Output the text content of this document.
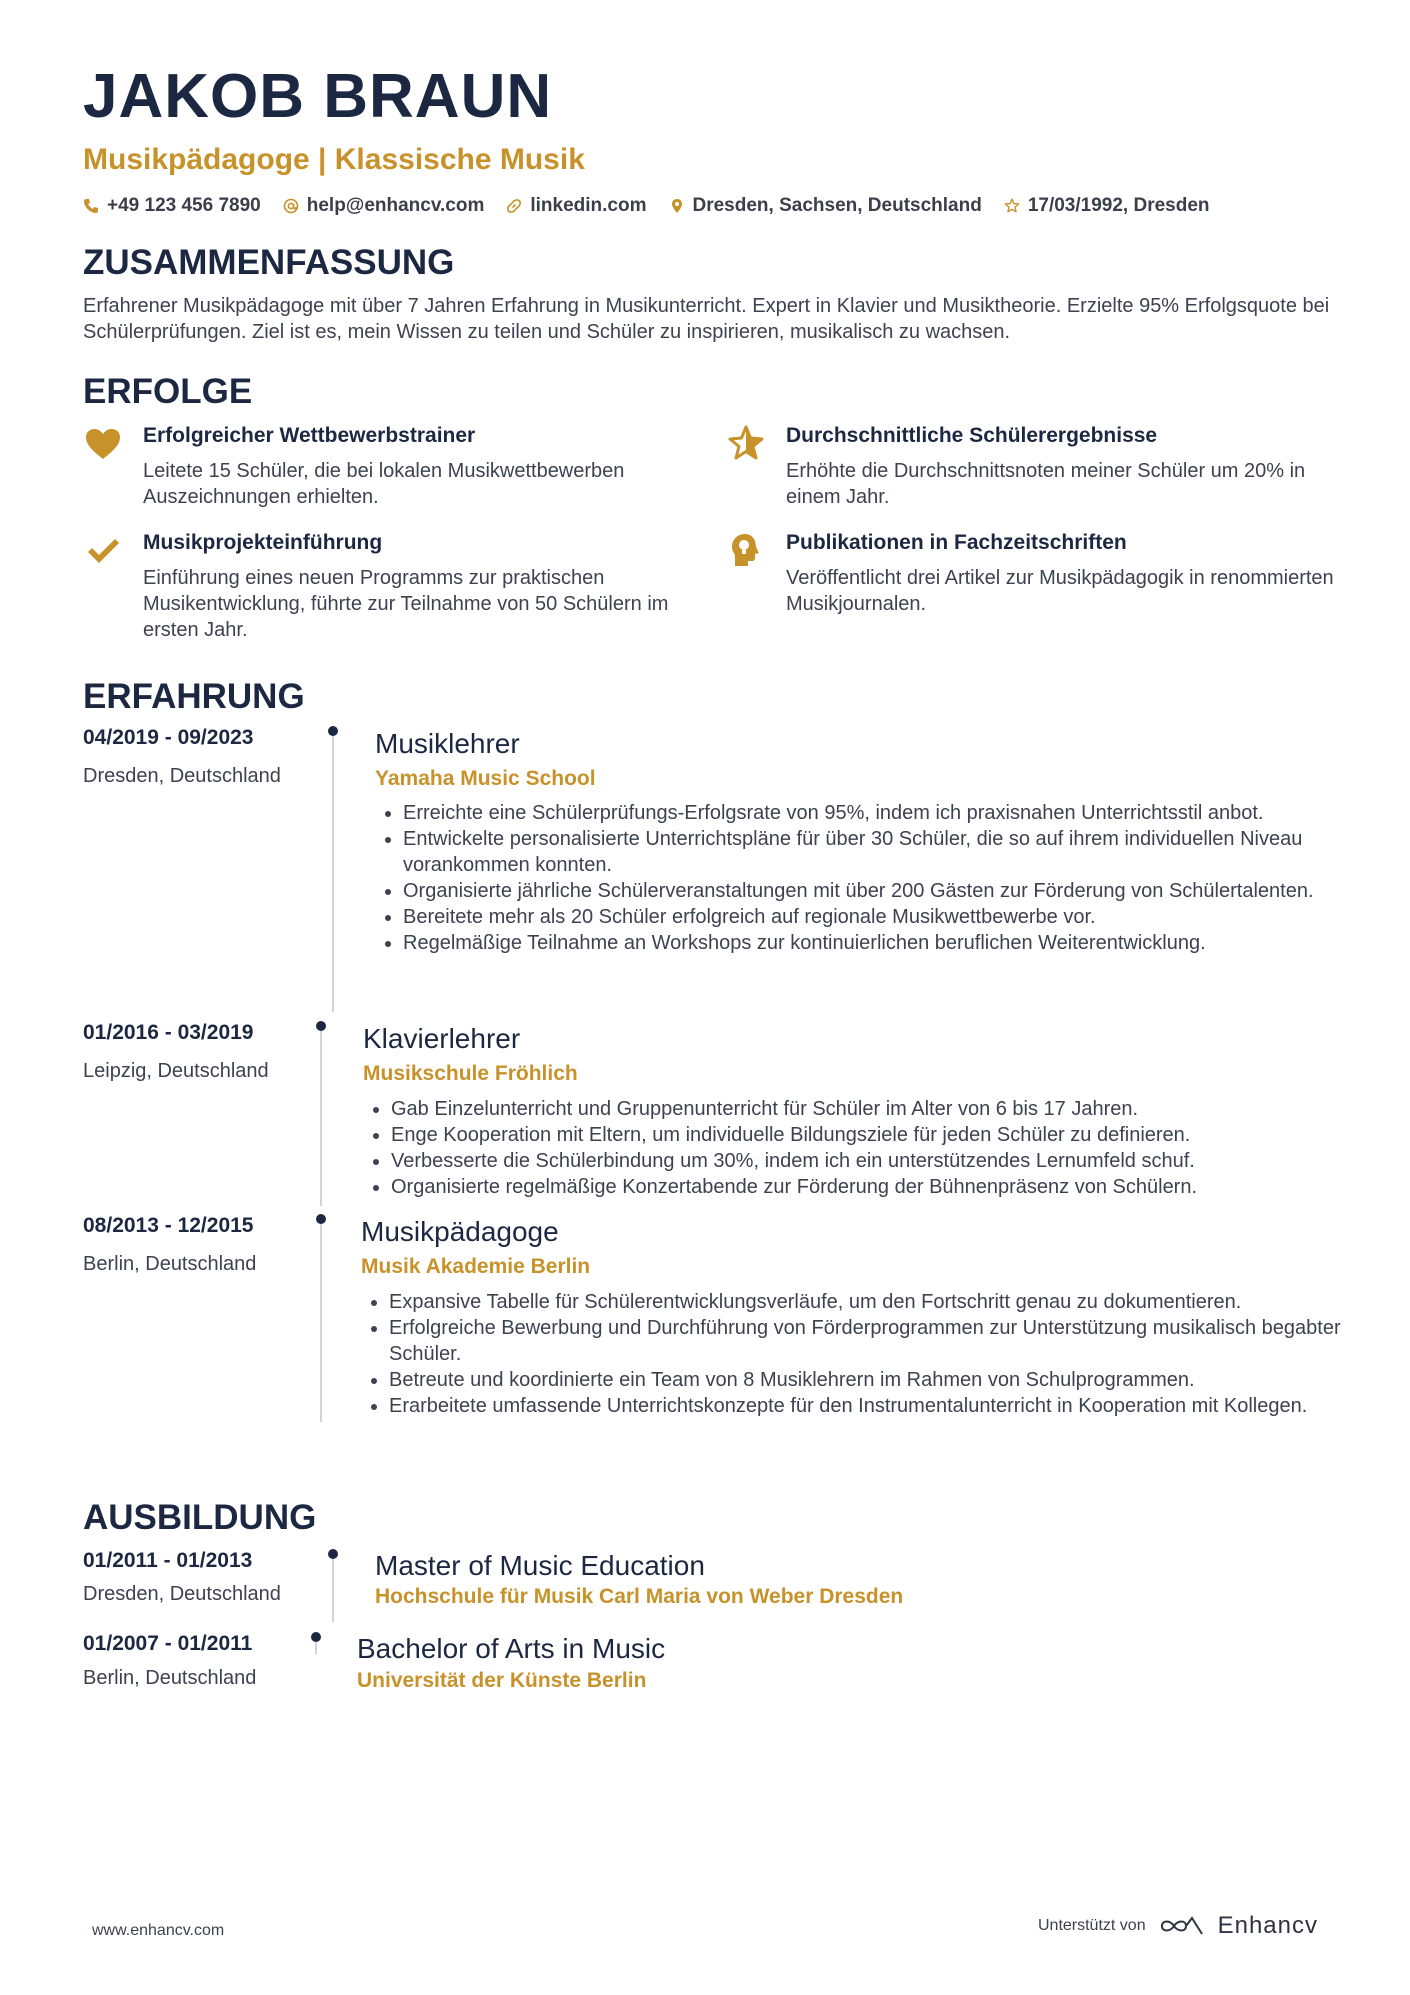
JAKOB BRAUN
Musikpädagoge | Klassische Musik
+49 123 456 7890 help@enhancv.com linkedin.com Dresden, Sachsen, Deutschland 17/03/1992, Dresden
ZUSAMMENFASSUNG
Erfahrener Musikpädagoge mit über 7 Jahren Erfahrung in Musikunterricht. Expert in Klavier und Musiktheorie. Erzielte 95% Erfolgsquote bei Schülerprüfungen. Ziel ist es, mein Wissen zu teilen und Schüler zu inspirieren, musikalisch zu wachsen.
ERFOLGE
Erfolgreicher Wettbewerbstrainer
Leitete 15 Schüler, die bei lokalen Musikwettbewerben Auszeichnungen erhielten.
Durchschnittliche Schülerergebnisse
Erhöhte die Durchschnittsnoten meiner Schüler um 20% in einem Jahr.
Musikprojekteinführung
Einführung eines neuen Programms zur praktischen Musikentwicklung, führte zur Teilnahme von 50 Schülern im ersten Jahr.
Publikationen in Fachzeitschriften
Veröffentlicht drei Artikel zur Musikpädagogik in renommierten Musikjournalen.
ERFAHRUNG
04/2019 - 09/2023
Dresden, Deutschland
Musiklehrer
Yamaha Music School
• Erreichte eine Schülerprüfungs-Erfolgsrate von 95%, indem ich praxisnahen Unterrichtsstil anbot.
• Entwickelte personalisierte Unterrichtspläne für über 30 Schüler, die so auf ihrem individuellen Niveau vorankommen konnten.
• Organisierte jährliche Schülerveranstaltungen mit über 200 Gästen zur Förderung von Schülertalenten.
• Bereitete mehr als 20 Schüler erfolgreich auf regionale Musikwettbewerbe vor.
• Regelmäßige Teilnahme an Workshops zur kontinuierlichen beruflichen Weiterentwicklung.
01/2016 - 03/2019
Leipzig, Deutschland
Klavierlehrer
Musikschule Fröhlich
• Gab Einzelunterricht und Gruppenunterricht für Schüler im Alter von 6 bis 17 Jahren.
• Enge Kooperation mit Eltern, um individuelle Bildungsziele für jeden Schüler zu definieren.
• Verbesserte die Schülerbindung um 30%, indem ich ein unterstützendes Lernumfeld schuf.
• Organisierte regelmäßige Konzertabende zur Förderung der Bühnenpräsenz von Schülern.
08/2013 - 12/2015
Berlin, Deutschland
Musikpädagoge
Musik Akademie Berlin
• Expansive Tabelle für Schülerentwicklungsverläufe, um den Fortschritt genau zu dokumentieren.
• Erfolgreiche Bewerbung und Durchführung von Förderprogrammen zur Unterstützung musikalisch begabter Schüler.
• Betreute und koordinierte ein Team von 8 Musiklehrern im Rahmen von Schulprogrammen.
• Erarbeitete umfassende Unterrichtskonzepte für den Instrumentalunterricht in Kooperation mit Kollegen.
AUSBILDUNG
01/2011 - 01/2013
Dresden, Deutschland
Master of Music Education
Hochschule für Musik Carl Maria von Weber Dresden
01/2007 - 01/2011
Berlin, Deutschland
Bachelor of Arts in Music
Universität der Künste Berlin
www.enhancv.com	Unterstützt von	Enhancv
